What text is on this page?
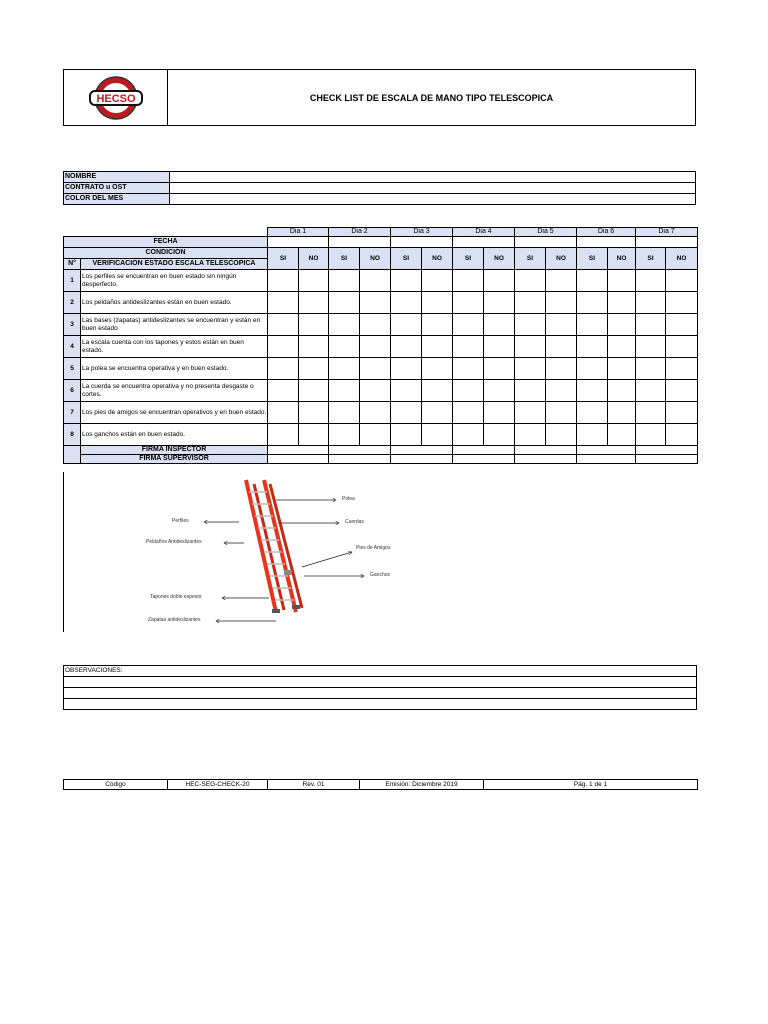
HECSO	CHECK LIST DE ESCALA DE MANO TIPO TELESCOPICA
NOMBRE	
CONTRATO u OST	
COLOR DEL MES	
		Dia 1		Dia 2		Dia 3		Dia 4		Dia 5		Dia 6		Dia 7	
FECHA															
CONDICIÓN		SI	NO	SI	NO	SI	NO	SI	NO	SI	NO	SI	NO	SI	NO
N°	VERIFICACION ESTADO ESCALA TELESCOPICA														
1	Los perfiles se encuentran en buen estado sin ningún desperfecto.														
2	Los peldaños antideslizantes están en buen estado.														
3	Las bases (zapatas) antideslizantes se encuentran y están en buen estado														
4	La escala cuenta con los tapones y estos están en buen estado.														
5	La polea se encuentra operativa y en buen estado.														
6	La cuerda se encuentra operativa y no presenta desgaste o cortes.														
7	Los pies de amigos se encuentran operativos y en buen estado.														
8	Los ganchos están en buen estado.														
	FIRMA INSPECTOR														
	FIRMA SUPERVISOR														
Polea
Perfiles	Cuerdas
Peldaños Antideslizantes
Pies de Amigos
Ganchos
Tapones doble espesor
Zapatas antideslizantes
OBSERVACIONES:

Código	HEC-SEG-CHECK-20	Rev. 01	Emisión: Diciembre 2019	Pág. 1 de 1
